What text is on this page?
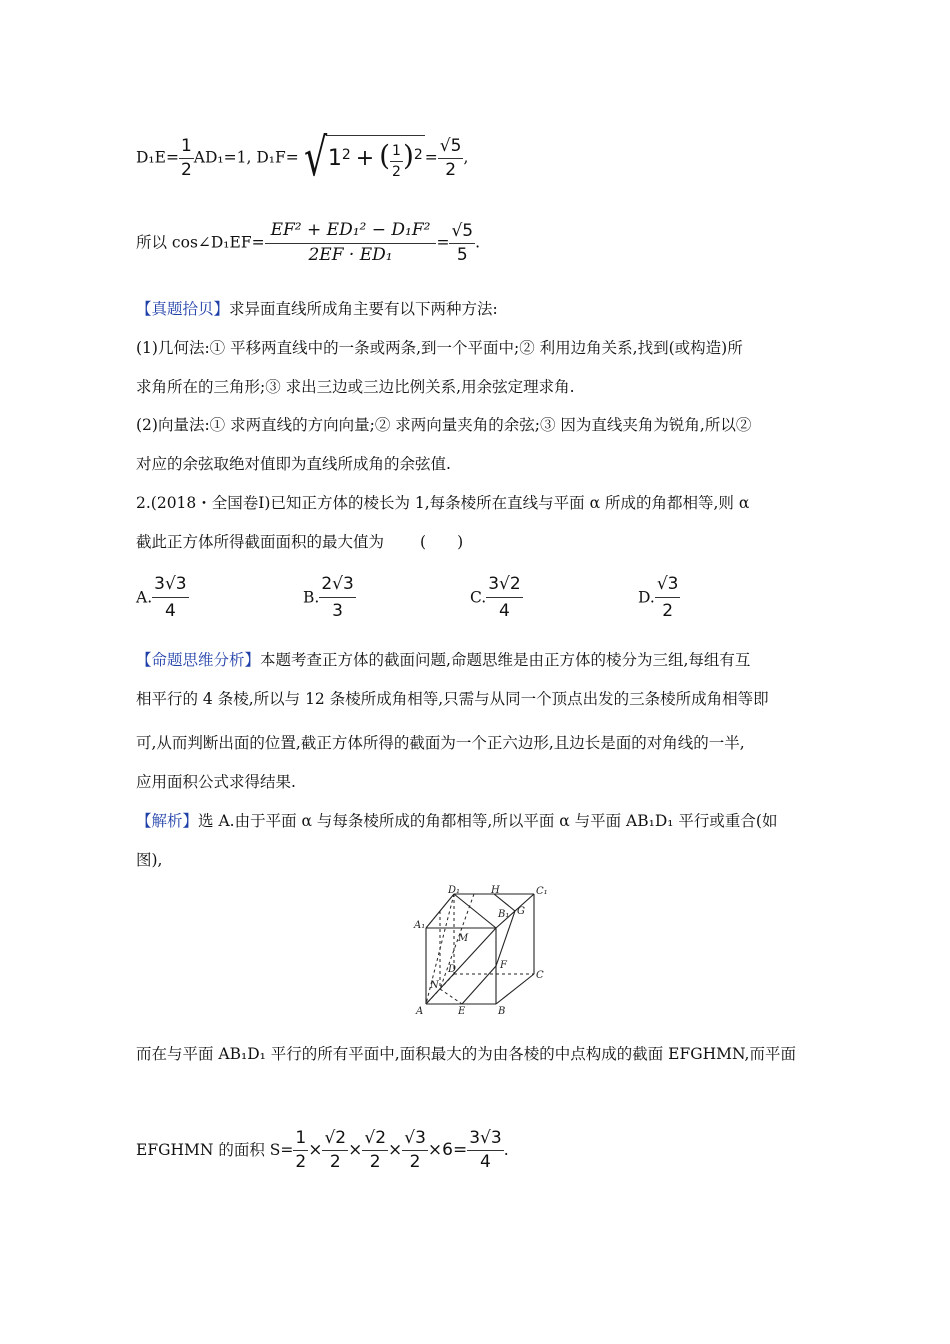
$D_1E= \frac{1}{2} AD_1=1$, $D_1F=√1^2$ + ( $\frac{1}{2} )^2 = \frac{√5}{2}$ ,
所以 cos∠D₁EF= $\frac{\text{EF² + ED₁² − D₁F²}}{\text{2EF · ED₁}} = \frac{√5}{5}$ .
【真题拾贝】求异面直线所成角主要有以下两种方法:
(1)几何法:① 平移两直线中的一条或两条,到一个平面中;② 利用边角关系,找到(或构造)所
求角所在的三角形;③ 求出三边或三边比例关系,用余弦定理求角.
(2)向量法:① 求两直线的方向向量;② 求两向量夹角的余弦;③ 因为直线夹角为锐角,所以②
对应的余弦取绝对值即为直线所成角的余弦值.
2.(2018・全国卷Ⅰ)已知正方体的棱长为 1,每条棱所在直线与平面 α 所成的角都相等,则 α
截此正方体所得截面面积的最大值为 (　　)
A. $\frac{3√3}{4}$	B. $\frac{2√3}{3}$	C. $\frac{3√2}{4}$	D. $\frac{√3}{2}$
【命题思维分析】本题考查正方体的截面问题,命题思维是由正方体的棱分为三组,每组有互
相平行的 4 条棱,所以与 12 条棱所成角相等,只需与从同一个顶点出发的三条棱所成角相等即
可,从而判断出面的位置,截正方体所得的截面为一个正六边形,且边长是面的对角线的一半,
应用面积公式求得结果.
【解析】选 A.由于平面 α 与每条棱所成的角都相等,所以平面 α 与平面 AB₁D₁ 平行或重合(如
图),
D₁	H	C₁
B₁ G
A₁
M
D	F
C
N
A	E	B
而在与平面 AB₁D₁ 平行的所有平面中,面积最大的为由各棱的中点构成的截面 EFGHMN,而平面
EFGHMN 的面积 $S= \frac{1}{2} \times \frac{√2}{2} \times \frac{√2}{2} \times \frac{√3}{2} \times 6= \frac{3√3}{4}$ .
